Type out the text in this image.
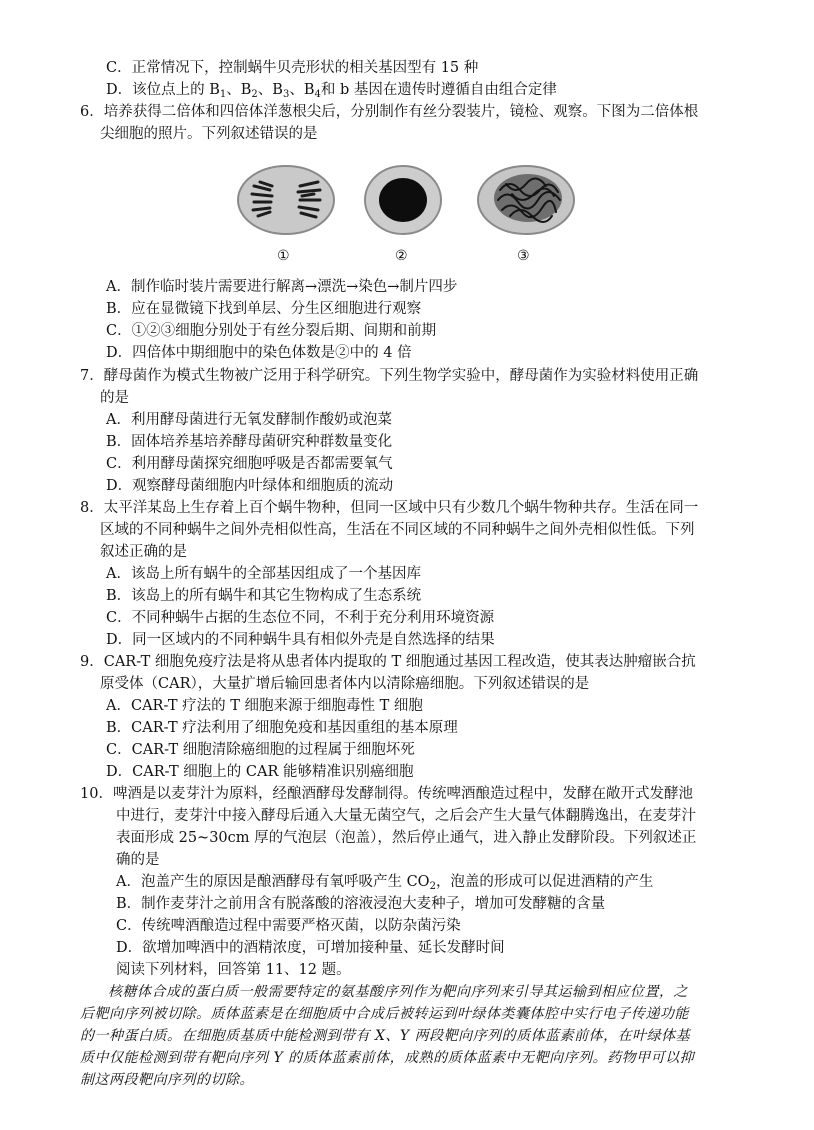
C．正常情况下，控制蜗牛贝壳形状的相关基因型有 15 种
D．该位点上的 $B_1$、$B_2$、$B_3$、$B_4$和 b 基因在遗传时遵循自由组合定律
6．培养获得二倍体和四倍体洋葱根尖后，分别制作有丝分裂装片，镜检、观察。下图为二倍体根
尖细胞的照片。下列叙述错误的是
①	②	③
A．制作临时装片需要进行解离→漂洗→染色→制片四步
B．应在显微镜下找到单层、分生区细胞进行观察
C．①②③细胞分别处于有丝分裂后期、间期和前期
D．四倍体中期细胞中的染色体数是②中的 4 倍
7．酵母菌作为模式生物被广泛用于科学研究。下列生物学实验中，酵母菌作为实验材料使用正确
的是
A．利用酵母菌进行无氧发酵制作酸奶或泡菜
B．固体培养基培养酵母菌研究种群数量变化
C．利用酵母菌探究细胞呼吸是否都需要氧气
D．观察酵母菌细胞内叶绿体和细胞质的流动
8．太平洋某岛上生存着上百个蜗牛物种，但同一区域中只有少数几个蜗牛物种共存。生活在同一
区域的不同种蜗牛之间外壳相似性高，生活在不同区域的不同种蜗牛之间外壳相似性低。下列
叙述正确的是
A．该岛上所有蜗牛的全部基因组成了一个基因库
B．该岛上的所有蜗牛和其它生物构成了生态系统
C．不同种蜗牛占据的生态位不同，不利于充分利用环境资源
D．同一区域内的不同种蜗牛具有相似外壳是自然选择的结果
9．CAR-T 细胞免疫疗法是将从患者体内提取的 T 细胞通过基因工程改造，使其表达肿瘤嵌合抗
原受体（CAR），大量扩增后输回患者体内以清除癌细胞。下列叙述错误的是
A．CAR-T 疗法的 T 细胞来源于细胞毒性 T 细胞
B．CAR-T 疗法利用了细胞免疫和基因重组的基本原理
C．CAR-T 细胞清除癌细胞的过程属于细胞坏死
D．CAR-T 细胞上的 CAR 能够精准识别癌细胞
10．啤酒是以麦芽汁为原料，经酿酒酵母发酵制得。传统啤酒酿造过程中，发酵在敞开式发酵池
中进行，麦芽汁中接入酵母后通入大量无菌空气，之后会产生大量气体翻腾逸出，在麦芽汁
表面形成 25~30cm 厚的气泡层（泡盖），然后停止通气，进入静止发酵阶段。下列叙述正
确的是
A．泡盖产生的原因是酿酒酵母有氧呼吸产生 $CO_2$，泡盖的形成可以促进酒精的产生
B．制作麦芽汁之前用含有脱落酸的溶液浸泡大麦种子，增加可发酵糖的含量
C．传统啤酒酿造过程中需要严格灭菌，以防杂菌污染
D．欲增加啤酒中的酒精浓度，可增加接种量、延长发酵时间
阅读下列材料，回答第 11、12 题。
核糖体合成的蛋白质一般需要特定的氨基酸序列作为靶向序列来引导其运输到相应位置，之
后靶向序列被切除。质体蓝素是在细胞质中合成后被转运到叶绿体类囊体腔中实行电子传递功能
的一种蛋白质。在细胞质基质中能检测到带有 X、Y 两段靶向序列的质体蓝素前体，在叶绿体基
质中仅能检测到带有靶向序列 Y 的质体蓝素前体，成熟的质体蓝素中无靶向序列。药物甲可以抑
制这两段靶向序列的切除。
